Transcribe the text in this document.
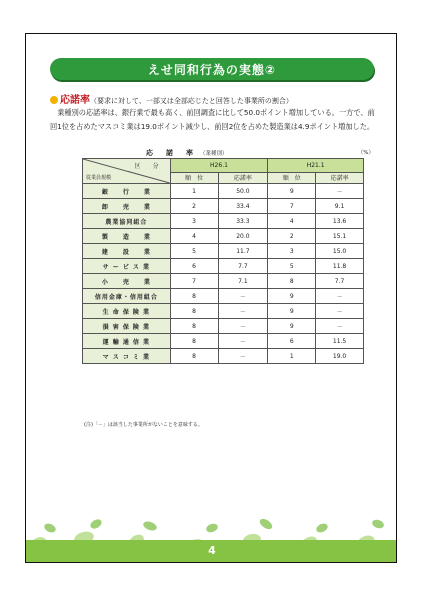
えせ同和行為の実態②
応諾率（要求に対して、一部又は全部応じたと回答した事業所の割合）

業種別の応諾率は、銀行業で最も高く、前回調査に比して50.0ポイント増加している。一方で、前回1位を占めたマスコミ業は19.0ポイント減少し、前回2位を占めた製造業は4.9ポイント増加した。

応　諾　率 （業種別）	（%）
区　分
従業員規模	H26.1		H21.1	
	順　位	応諾率	順　位	応諾率
銀　　行　　業	1	50.0	9	－
卸　　売　　業	2	33.4	7	9.1
農業協同組合	3	33.3	4	13.6
製　　造　　業	4	20.0	2	15.1
建　　設　　業	5	11.7	3	15.0
サ ー ビ ス 業	6	7.7	5	11.8
小　　売　　業	7	7.1	8	7.7
信用金庫・信用組合	8	－	9	－
生 命 保 険 業	8	－	9	－
損 害 保 険 業	8	－	9	－
運 輸 通 信 業	8	－	6	11.5
マ ス コ ミ 業	8	－	1	19.0
(注)「－」は該当した事業所がないことを意味する。
4
